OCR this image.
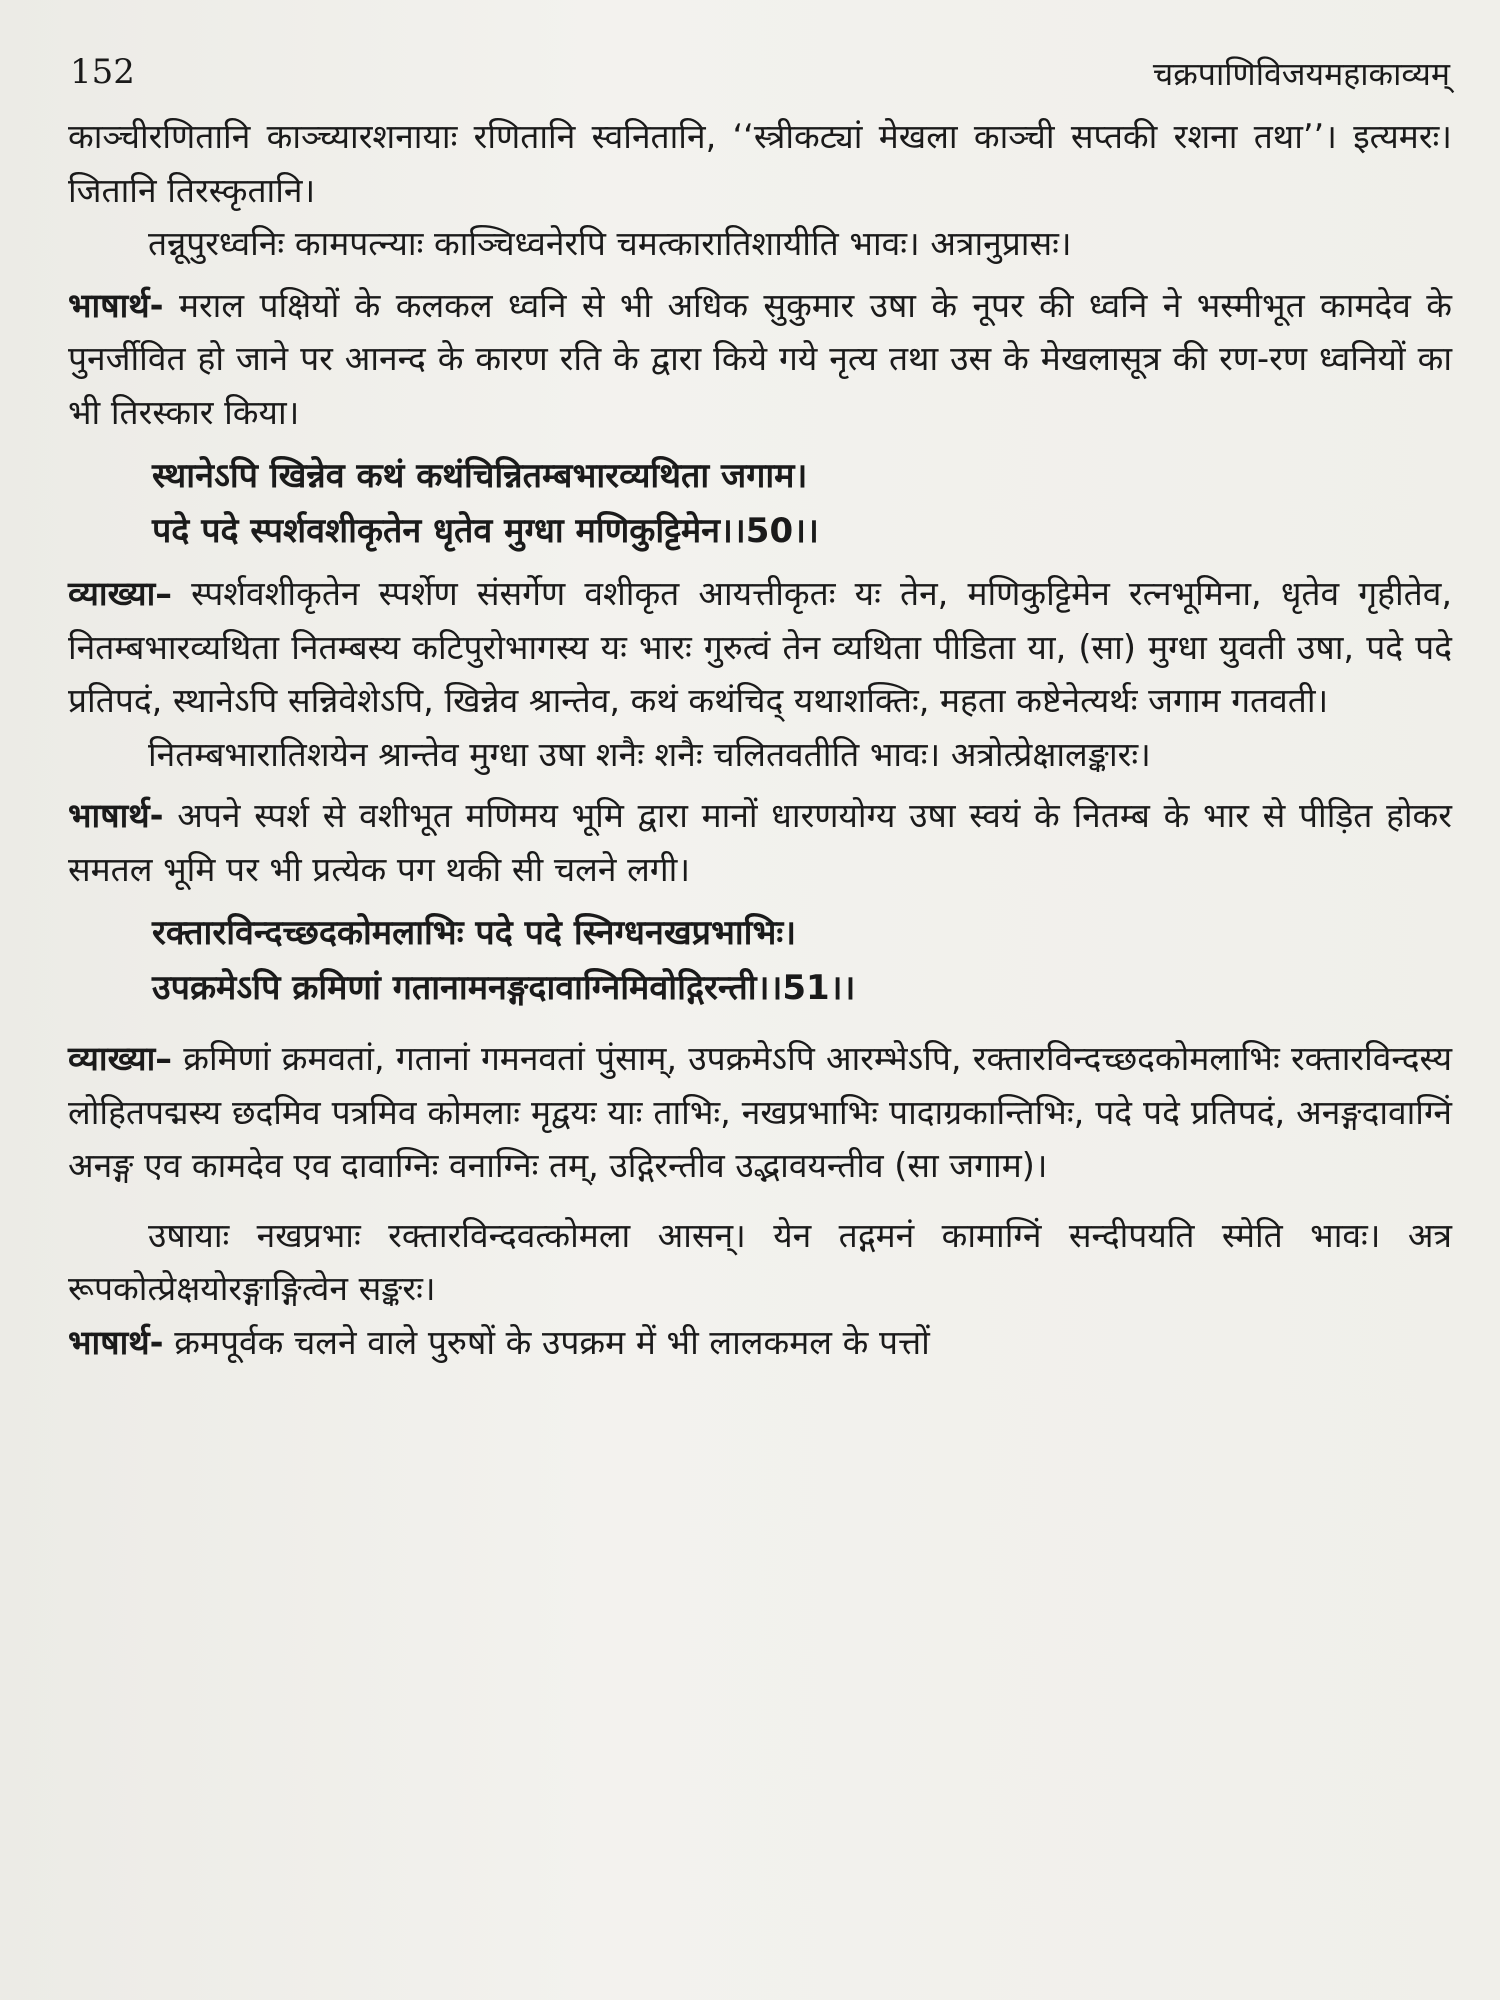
152	चक्रपाणिविजयमहाकाव्यम्

काञ्चीरणितानि काञ्च्यारशनायाः रणितानि स्वनितानि, ‘‘स्त्रीकट्यां मेखला काञ्ची सप्तकी रशना तथा’’। इत्यमरः। जितानि तिरस्कृतानि।

तन्नूपुरध्वनिः कामपत्न्याः काञ्चिध्वनेरपि चमत्कारातिशायीति भावः। अत्रानुप्रासः।

भाषार्थ- मराल पक्षियों के कलकल ध्वनि से भी अधिक सुकुमार उषा के नूपर की ध्वनि ने भस्मीभूत कामदेव के पुनर्जीवित हो जाने पर आनन्द के कारण रति के द्वारा किये गये नृत्य तथा उस के मेखलासूत्र की रण-रण ध्वनियों का भी तिरस्कार किया।

स्थानेऽपि खिन्नेव कथं कथंचिन्नितम्बभारव्यथिता जगाम।
पदे पदे स्पर्शवशीकृतेन धृतेव मुग्धा मणिकुट्टिमेन।।50।।

व्याख्या– स्पर्शवशीकृतेन स्पर्शेण संसर्गेण वशीकृत आयत्तीकृतः यः तेन, मणिकुट्टिमेन रत्नभूमिना, धृतेव गृहीतेव, नितम्बभारव्यथिता नितम्बस्य कटिपुरोभागस्य यः भारः गुरुत्वं तेन व्यथिता पीडिता या, (सा) मुग्धा युवती उषा, पदे पदे प्रतिपदं, स्थानेऽपि सन्निवेशेऽपि, खिन्नेव श्रान्तेव, कथं कथंचिद् यथाशक्तिः, महता कष्टेनेत्यर्थः जगाम गतवती।

नितम्बभारातिशयेन श्रान्तेव मुग्धा उषा शनैः शनैः चलितवतीति भावः। अत्रोत्प्रेक्षालङ्कारः।

भाषार्थ- अपने स्पर्श से वशीभूत मणिमय भूमि द्वारा मानों धारणयोग्य उषा स्वयं के नितम्ब के भार से पीड़ित होकर समतल भूमि पर भी प्रत्येक पग थकी सी चलने लगी।

रक्तारविन्दच्छदकोमलाभिः पदे पदे स्निग्धनखप्रभाभिः।
उपक्रमेऽपि क्रमिणां गतानामनङ्गदावाग्निमिवोद्गिरन्ती।।51।।

व्याख्या– क्रमिणां क्रमवतां, गतानां गमनवतां पुंसाम्, उपक्रमेऽपि आरम्भेऽपि, रक्तारविन्दच्छदकोमलाभिः रक्तारविन्दस्य लोहितपद्मस्य छदमिव पत्रमिव कोमलाः मृद्वयः याः ताभिः, नखप्रभाभिः पादाग्रकान्तिभिः, पदे पदे प्रतिपदं, अनङ्गदावाग्निं अनङ्ग एव कामदेव एव दावाग्निः वनाग्निः तम्, उद्गिरन्तीव उद्भावयन्तीव (सा जगाम)।

उषायाः नखप्रभाः रक्तारविन्दवत्कोमला आसन्। येन तद्गमनं कामाग्निं सन्दीपयति स्मेति भावः। अत्र रूपकोत्प्रेक्षयोरङ्गाङ्गित्वेन सङ्करः।

भाषार्थ- क्रमपूर्वक चलने वाले पुरुषों के उपक्रम में भी लालकमल के पत्तों
